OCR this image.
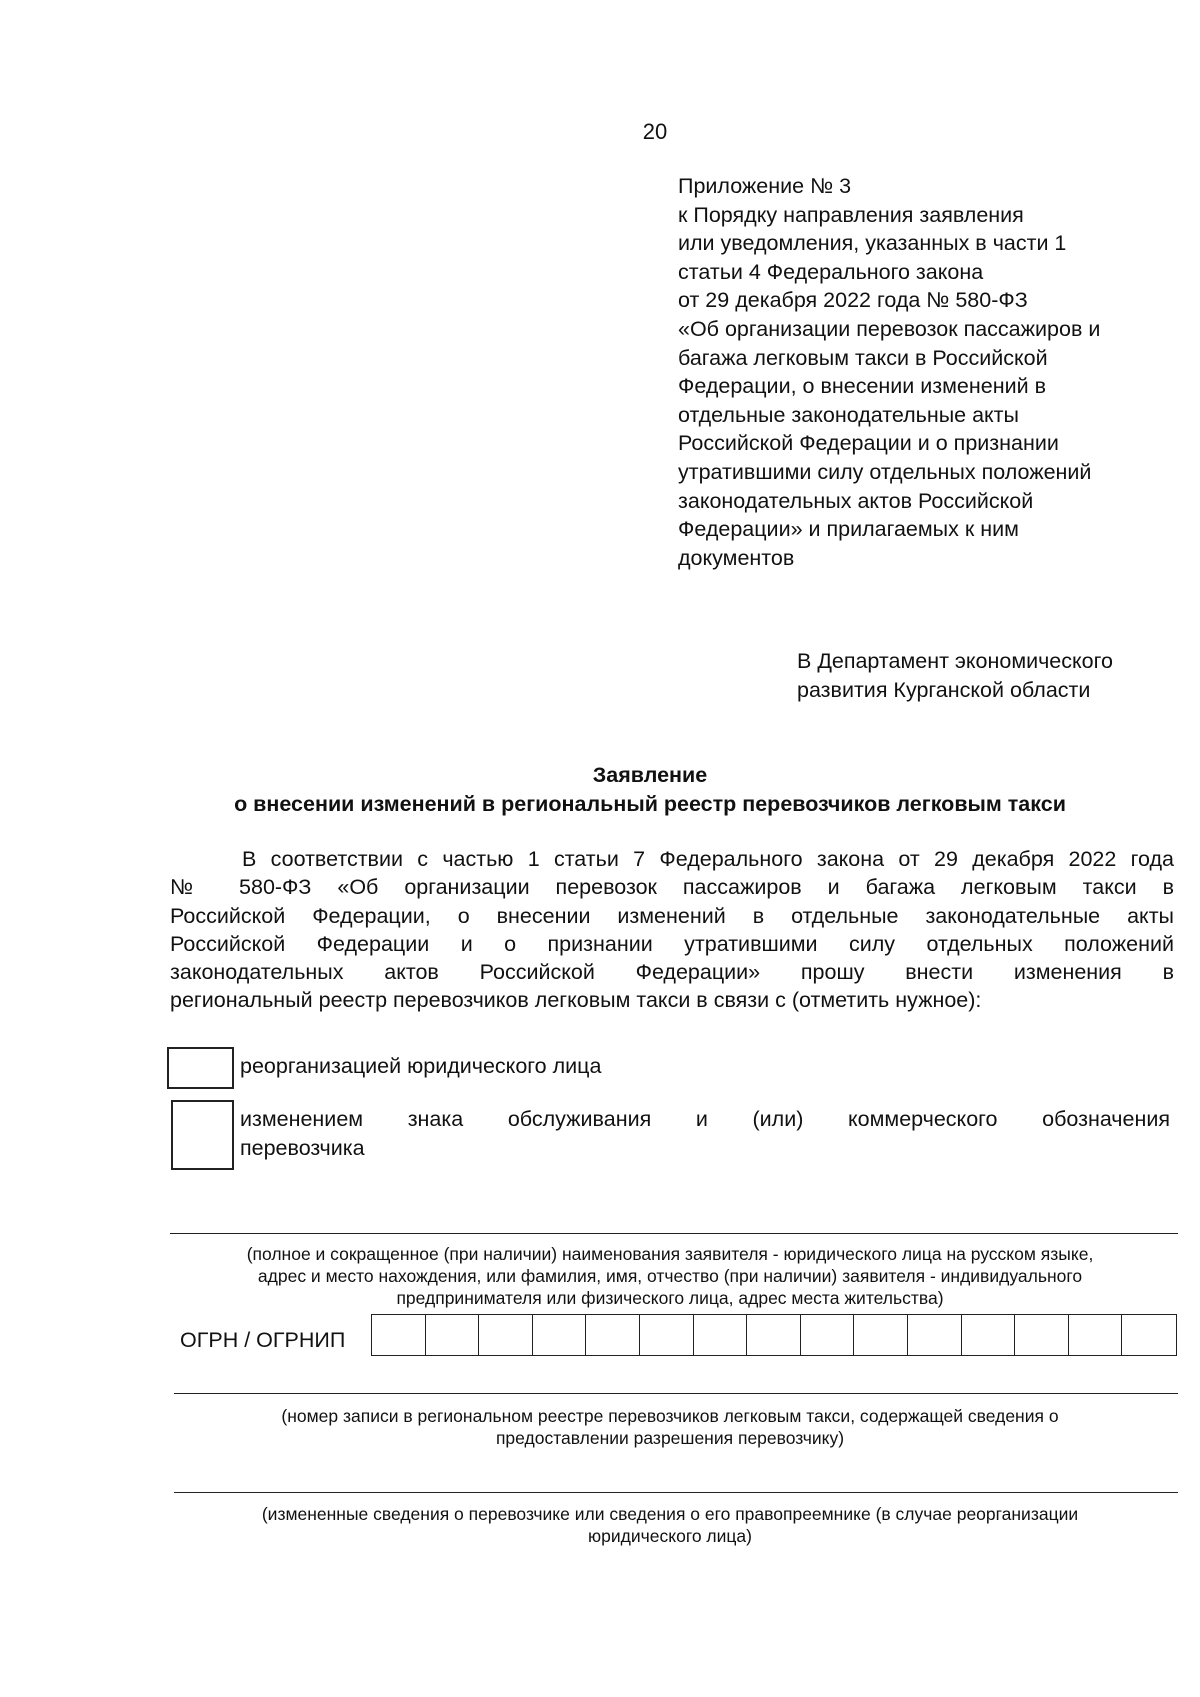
20
Приложение № 3
к Порядку направления заявления
или уведомления, указанных в части 1
статьи 4 Федерального закона
от 29 декабря 2022 года № 580-ФЗ
«Об организации перевозок пассажиров и
багажа легковым такси в Российской
Федерации, о внесении изменений в
отдельные законодательные акты
Российской Федерации и о признании
утратившими силу отдельных положений
законодательных актов Российской
Федерации» и прилагаемых к ним
документов
В Департамент экономического
развития Курганской области
Заявление
о внесении изменений в региональный реестр перевозчиков легковым такси
В соответствии с частью 1 статьи 7 Федерального закона от 29 декабря 2022 года
№ 580-ФЗ «Об организации перевозок пассажиров и багажа легковым такси в
Российской Федерации, о внесении изменений в отдельные законодательные акты
Российской Федерации и о признании утратившими силу отдельных положений
законодательных актов Российской Федерации» прошу внести изменения в
региональный реестр перевозчиков легковым такси в связи с (отметить нужное):
реорганизацией юридического лица
изменением знака обслуживания и (или) коммерческого обозначения
перевозчика
(полное и сокращенное (при наличии) наименования заявителя - юридического лица на русском языке,
адрес и место нахождения, или фамилия, имя, отчество (при наличии) заявителя - индивидуального
предпринимателя или физического лица, адрес места жительства)
ОГРН / ОГРНИП
(номер записи в региональном реестре перевозчиков легковым такси, содержащей сведения о
предоставлении разрешения перевозчику)
(измененные сведения о перевозчике или сведения о его правопреемнике (в случае реорганизации
юридического лица)
